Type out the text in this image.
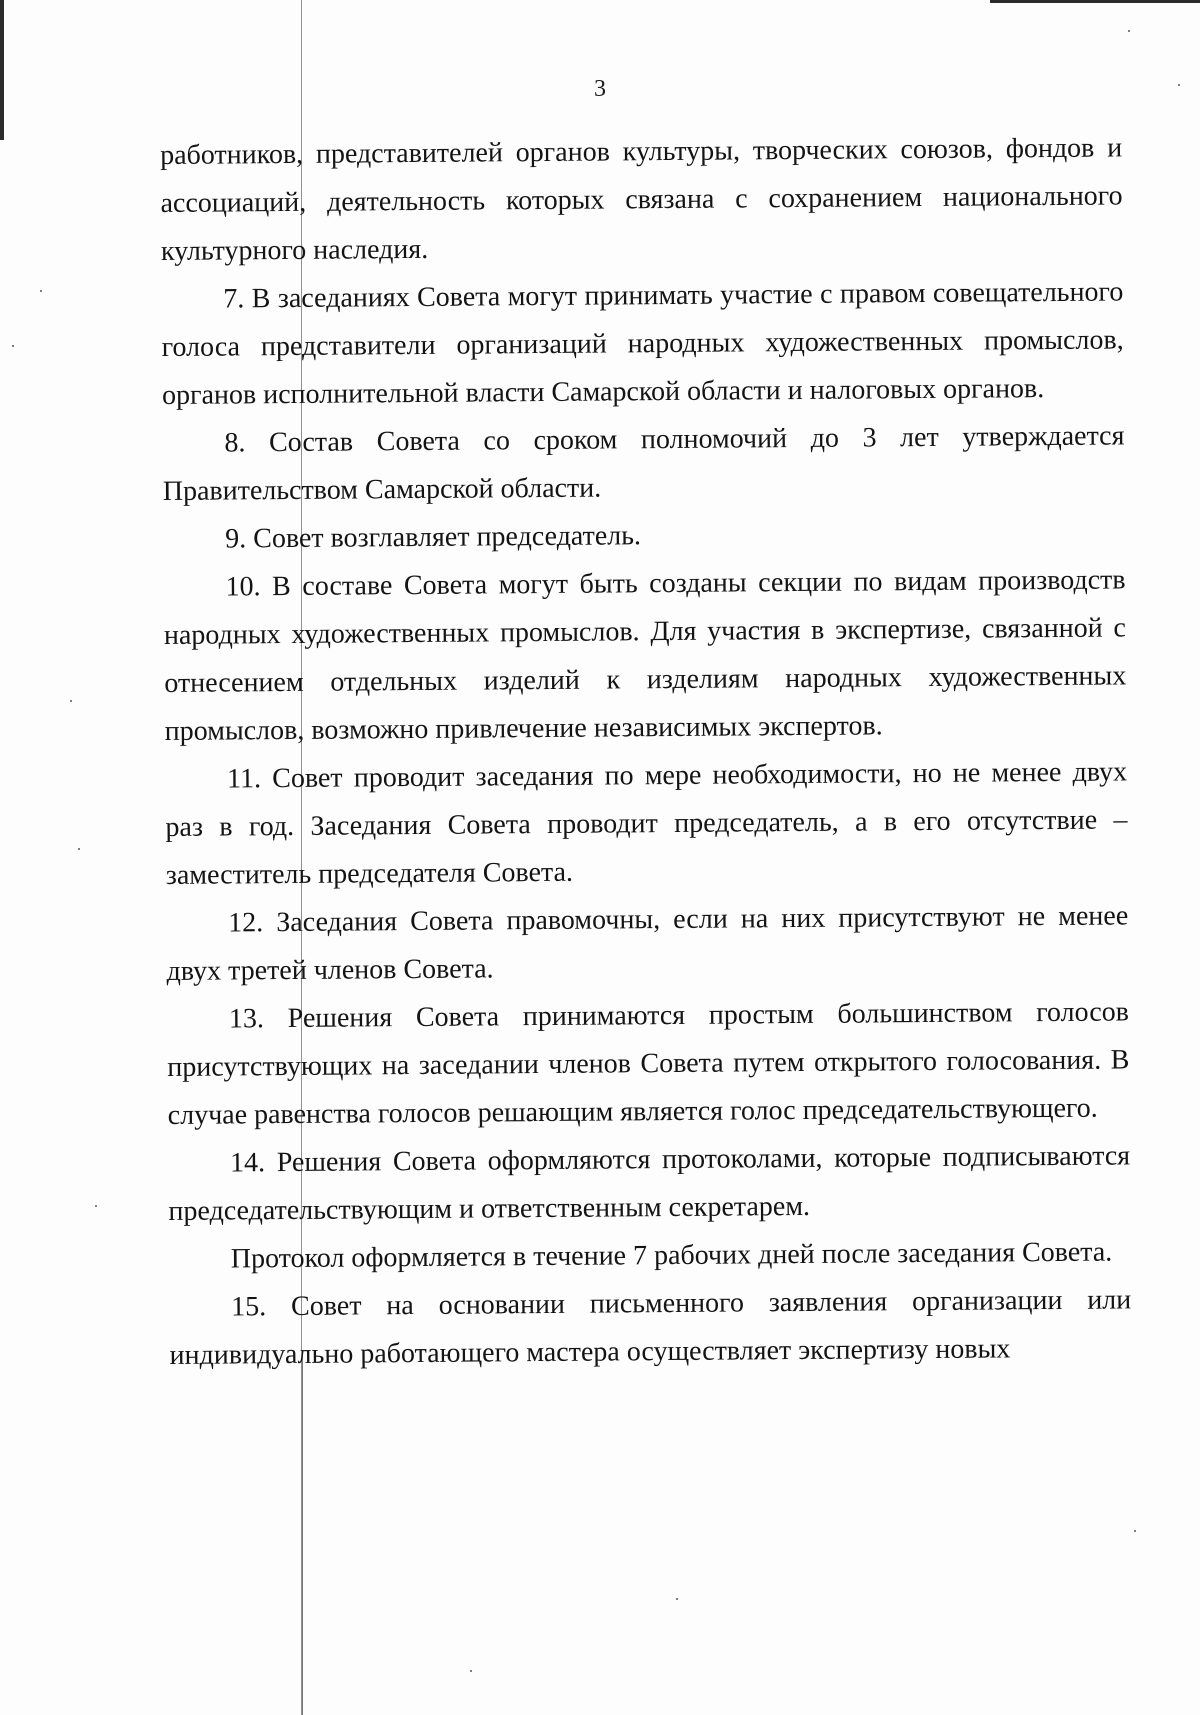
3

работников, представителей органов культуры, творческих союзов, фондов и ассоциаций, деятельность которых связана с сохранением национального культурного наследия.

7. В заседаниях Совета могут принимать участие с правом совещательного голоса представители организаций народных художественных промыслов, органов исполнительной власти Самарской области и налоговых органов.

8. Состав Совета со сроком полномочий до 3 лет утверждается Правительством Самарской области.

9. Совет возглавляет председатель.

10. В составе Совета могут быть созданы секции по видам производств народных художественных промыслов. Для участия в экспертизе, связанной с отнесением отдельных изделий к изделиям народных художественных промыслов, возможно привлечение независимых экспертов.

11. Совет проводит заседания по мере необходимости, но не менее двух раз в год. Заседания Совета проводит председатель, а в его отсутствие – заместитель председателя Совета.

12. Заседания Совета правомочны, если на них присутствуют не менее двух третей членов Совета.

13. Решения Совета принимаются простым большинством голосов присутствующих на заседании членов Совета путем открытого голосования. В случае равенства голосов решающим является голос председательствующего.

14. Решения Совета оформляются протоколами, которые подписываются председательствующим и ответственным секретарем.

Протокол оформляется в течение 7 рабочих дней после заседания Совета.

15. Совет на основании письменного заявления организации или индивидуально работающего мастера осуществляет экспертизу новых
